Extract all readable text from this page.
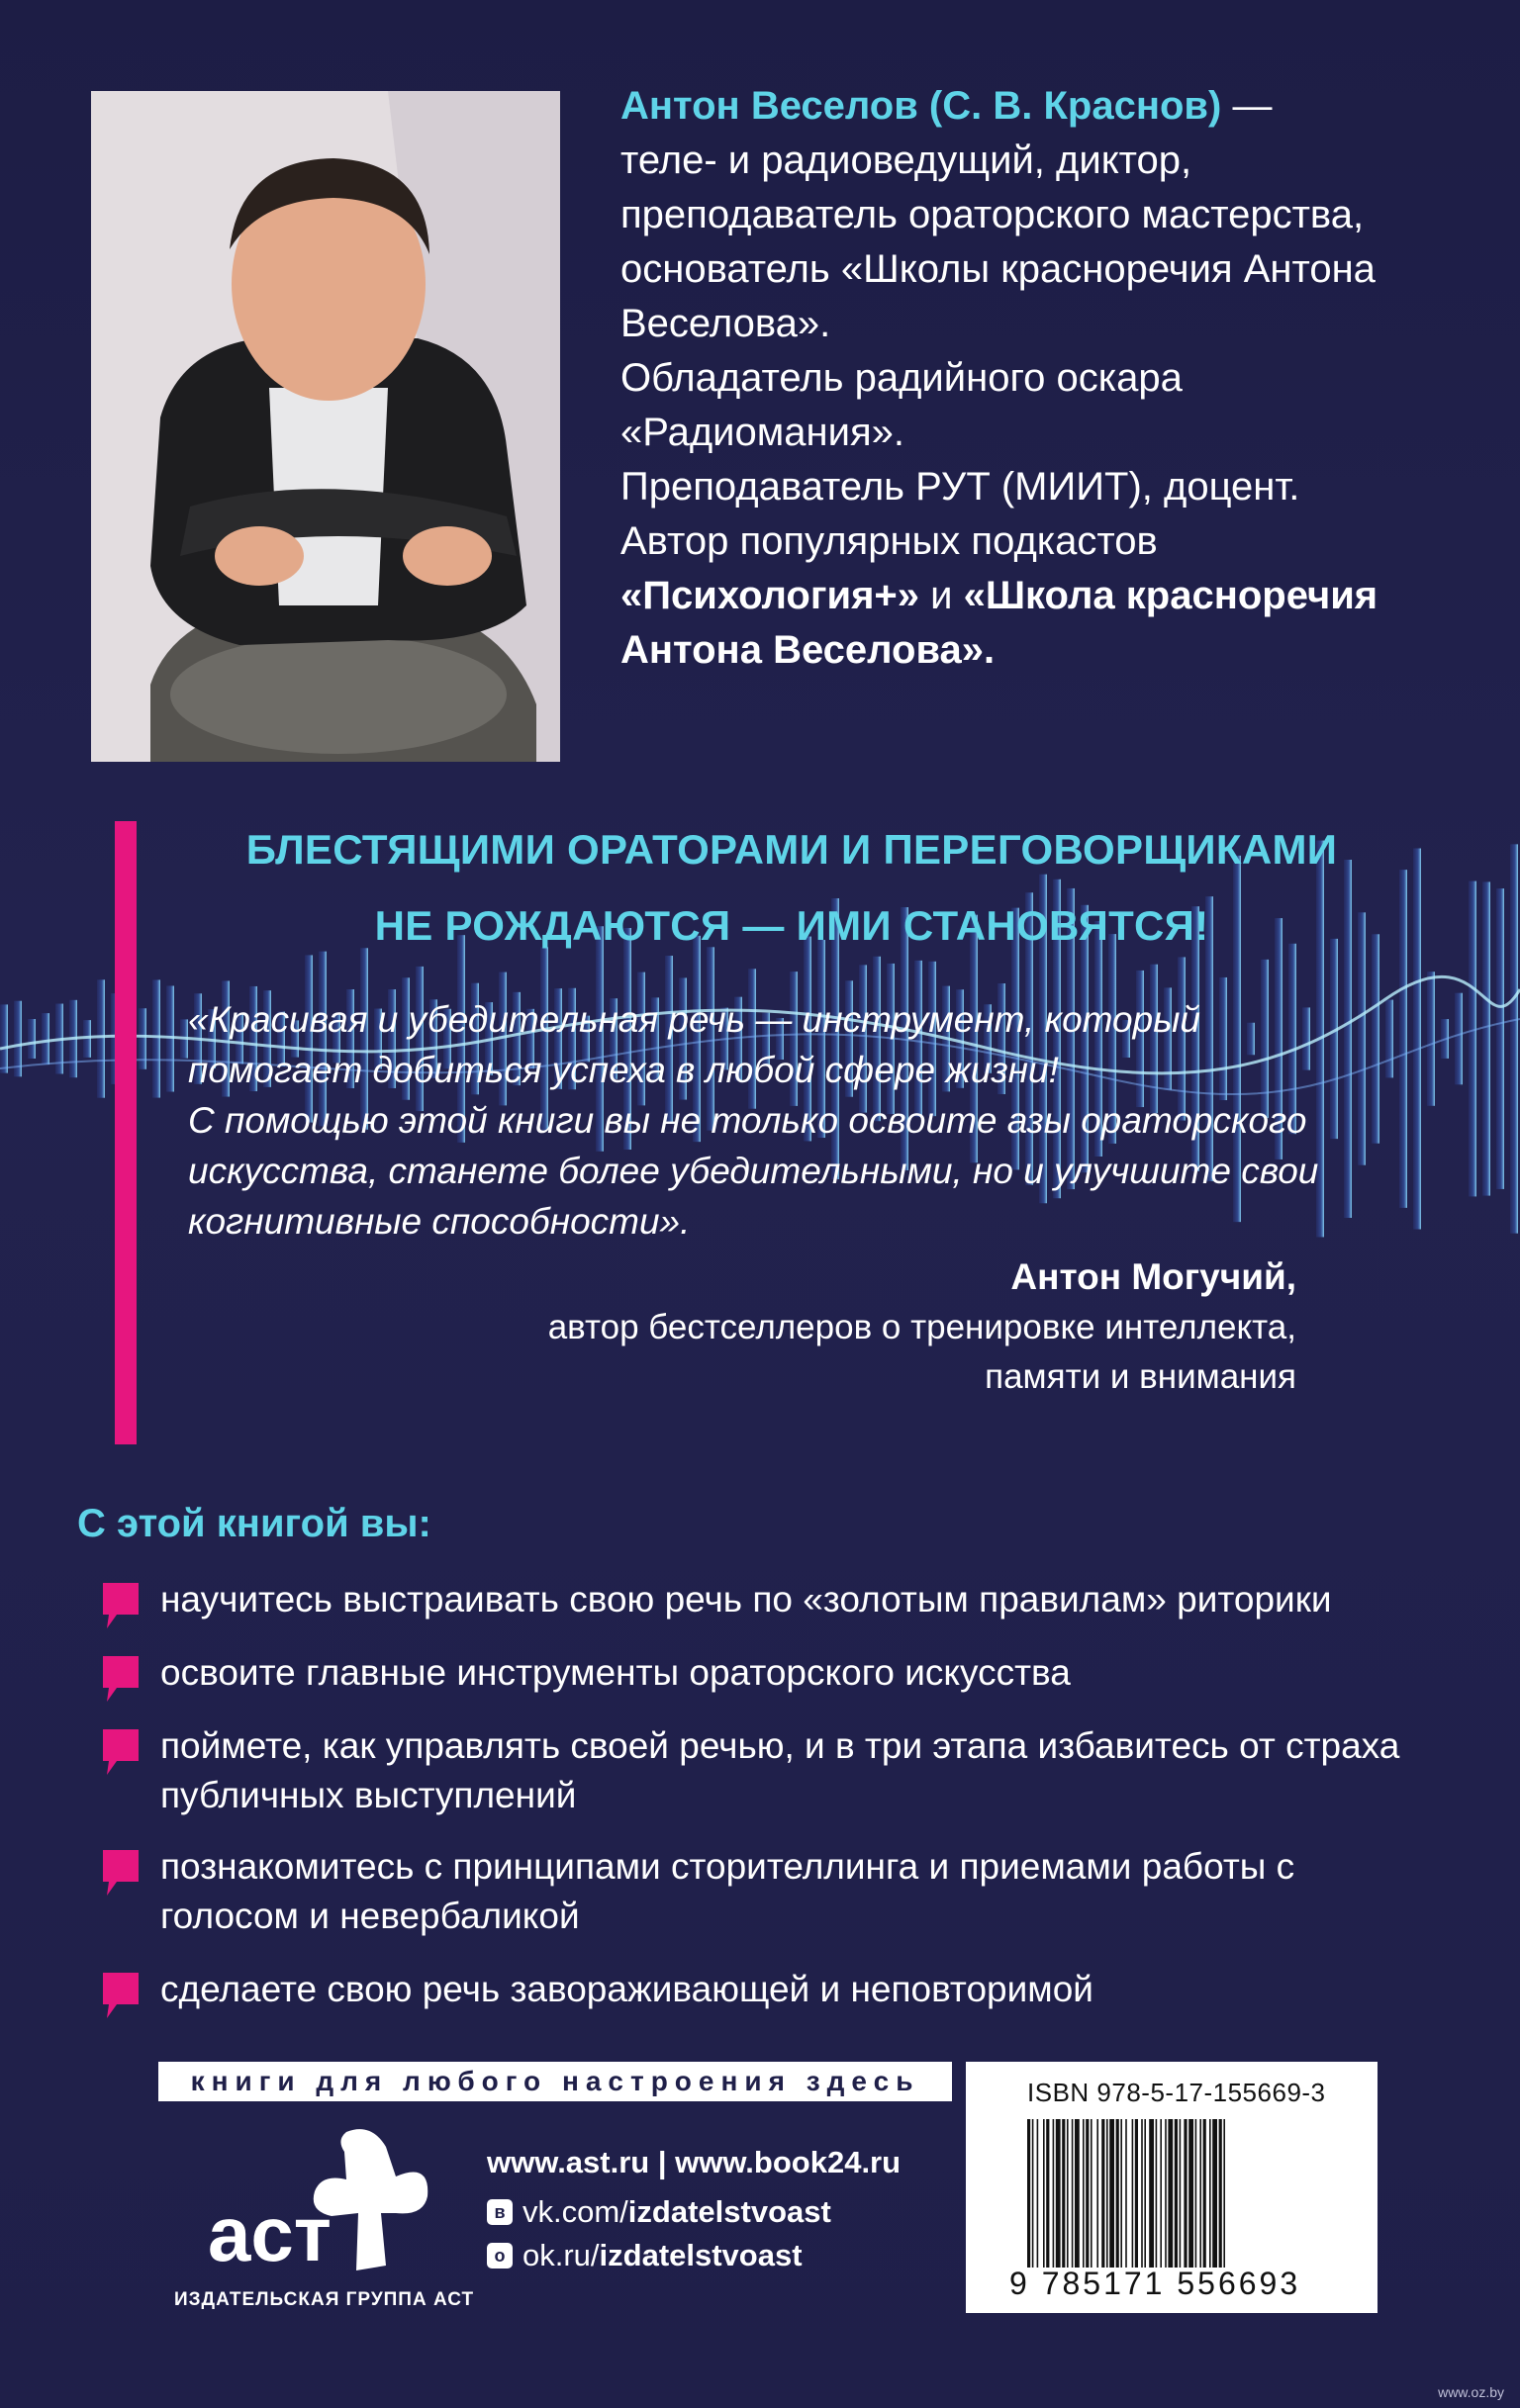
Антон Веселов (С. В. Краснов) —

теле- и радиоведущий, диктор,

преподаватель ораторского мастерства,

основатель «Школы красноречия Антона

Веселова».

Обладатель радийного оскара

«Радиомания».

Преподаватель РУТ (МИИТ), доцент.

Автор популярных подкастов

«Психология+» и «Школа красноречия

Антона Веселова».

БЛЕСТЯЩИМИ ОРАТОРАМИ И ПЕРЕГОВОРЩИКАМИ
НЕ РОЖДАЮТСЯ — ИМИ СТАНОВЯТСЯ!

«Красивая и убедительная речь — инструмент, который
помогает добиться успеха в любой сфере жизни!
С помощью этой книги вы не только освоите азы ораторского
искусства, станете более убедительными, но и улучшите свои
когнитивные способности».

Антон Могучий,
автор бестселлеров о тренировке интеллекта,
памяти и внимания
С этой книгой вы:
научитесь выстраивать свою речь по «золотым правилам» риторики
освоите главные инструменты ораторского искусства
поймете, как управлять своей речью, и в три этапа избавитесь от страха публичных выступлений
познакомитесь с принципами сторителлинга и приемами работы с голосом и невербаликой
сделаете свою речь завораживающей и неповторимой
книги для любого настроения здесь
аст
ИЗДАТЕЛЬСКАЯ ГРУППА АСТ
www.ast.ru | www.book24.ru
в vk.com/ izdatelstvoast
о ok.ru/ izdatelstvoast
ISBN 978-5-17-155669-3
9 785171 556693
www.oz.by
